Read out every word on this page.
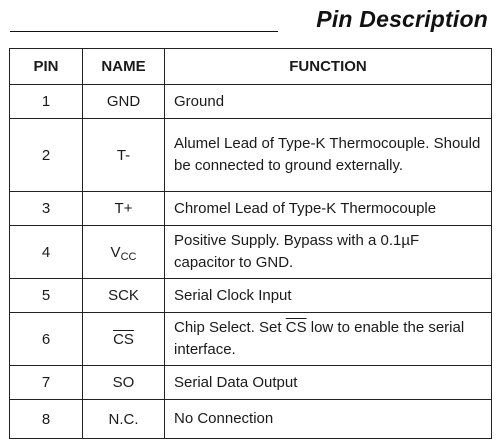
Pin Description
PIN	NAME	FUNCTION
1	GND	Ground
2	T-	Alumel Lead of Type-K Thermocouple. Should be connected to ground externally.
3	T+	Chromel Lead of Type-K Thermocouple
4	$V_{CC}$	Positive Supply. Bypass with a 0.1µF capacitor to GND.
5	SCK	Serial Clock Input
6	$\overline{CS}$	Chip Select. Set $\overline{CS}$ low to enable the serial interface.
7	SO	Serial Data Output
8	N.C.	No Connection
